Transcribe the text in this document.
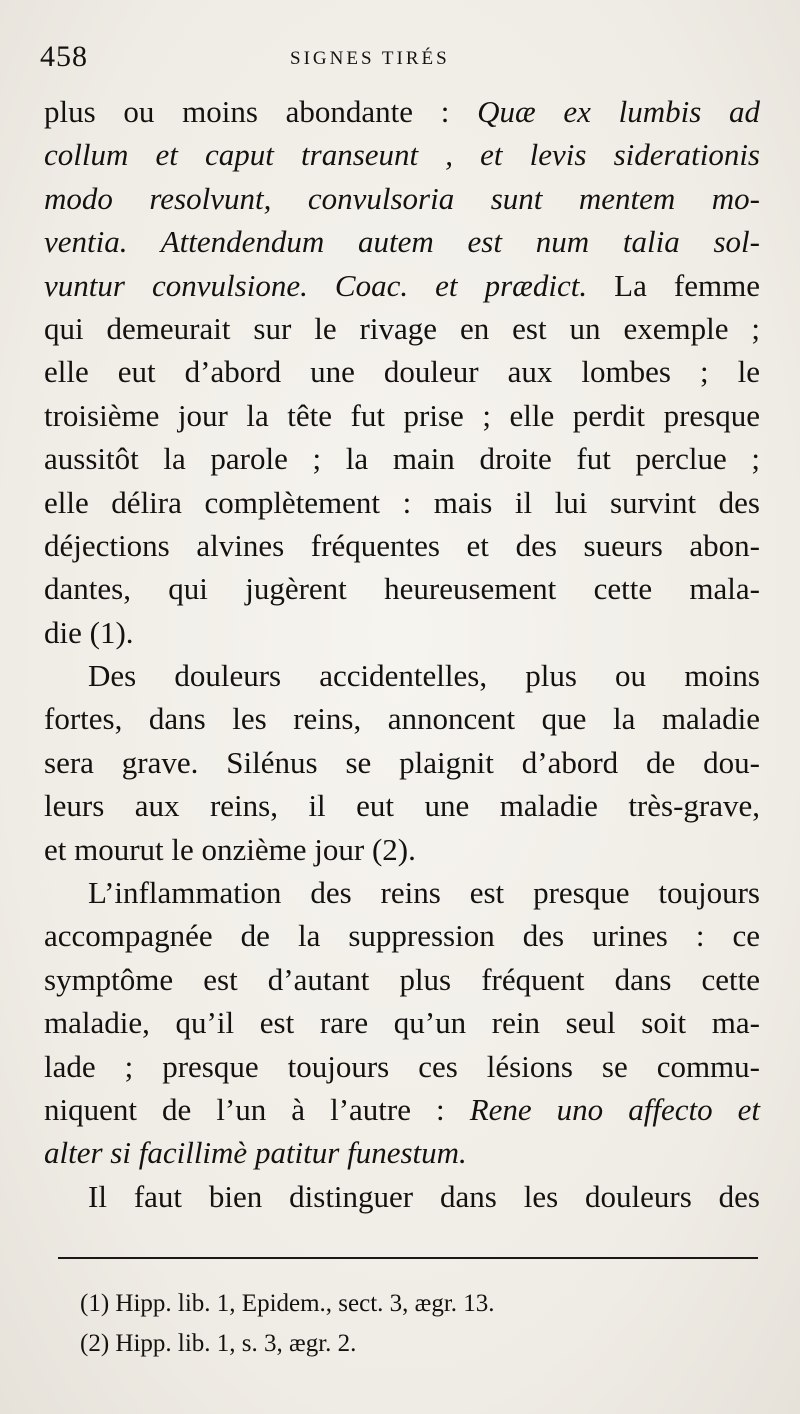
458	SIGNES TIRÉS
plus ou moins abondante : Quæ ex lumbis ad
collum et caput transeunt , et levis siderationis
modo resolvunt, convulsoria sunt mentem mo-
ventia. Attendendum autem est num talia sol-
vuntur convulsione. Coac. et prædict. La femme
qui demeurait sur le rivage en est un exemple ;
elle eut d’abord une douleur aux lombes ; le
troisième jour la tête fut prise ; elle perdit presque
aussitôt la parole ; la main droite fut perclue ;
elle délira complètement : mais il lui survint des
déjections alvines fréquentes et des sueurs abon-
dantes, qui jugèrent heureusement cette mala-
die (1).
Des douleurs accidentelles, plus ou moins
fortes, dans les reins, annoncent que la maladie
sera grave. Silénus se plaignit d’abord de dou-
leurs aux reins, il eut une maladie très-grave,
et mourut le onzième jour (2).
L’inflammation des reins est presque toujours
accompagnée de la suppression des urines : ce
symptôme est d’autant plus fréquent dans cette
maladie, qu’il est rare qu’un rein seul soit ma-
lade ; presque toujours ces lésions se commu-
niquent de l’un à l’autre : Rene uno affecto et
alter si facillimè patitur funestum.
Il faut bien distinguer dans les douleurs des
(1) Hipp. lib. 1, Epidem., sect. 3, ægr. 13.
(2) Hipp. lib. 1, s. 3, ægr. 2.
